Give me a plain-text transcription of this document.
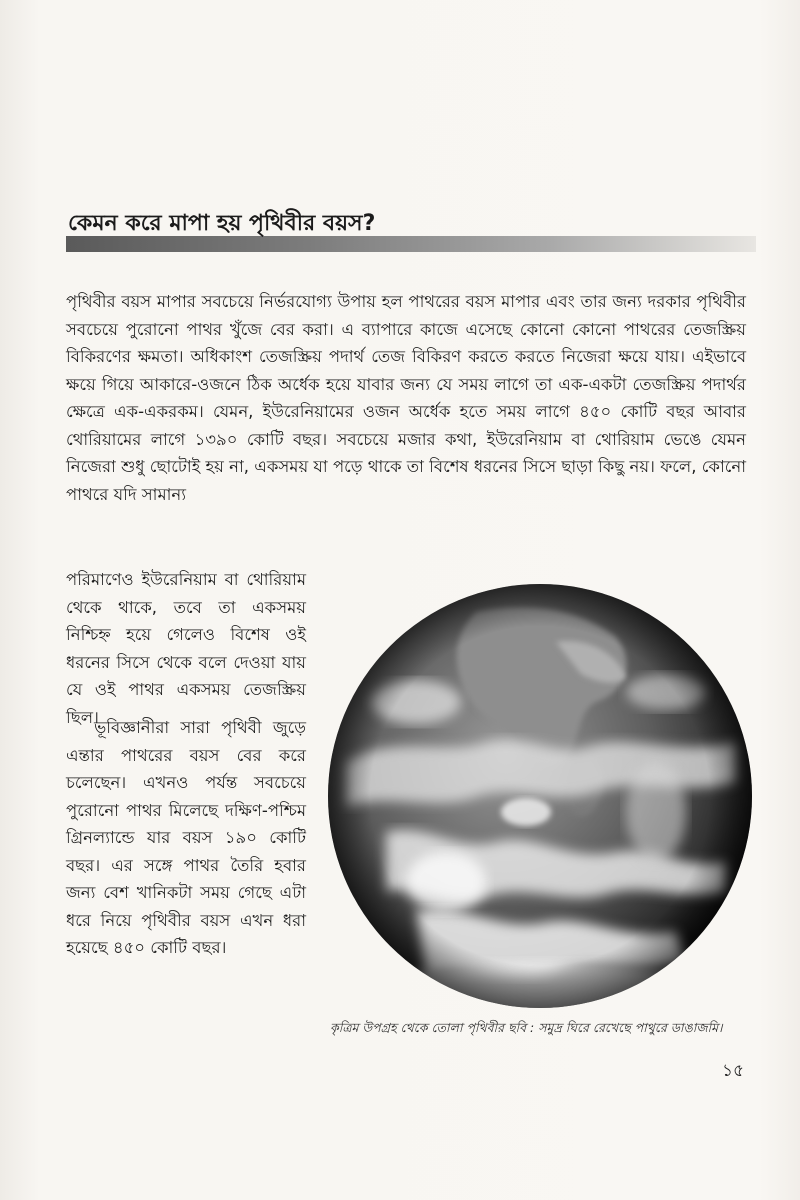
কেমন করে মাপা হয় পৃথিবীর বয়স?

পৃথিবীর বয়স মাপার সবচেয়ে নির্ভরযোগ্য উপায় হল পাথরের বয়স মাপার এবং তার জন্য দরকার পৃথিবীর সবচেয়ে পুরোনো পাথর খুঁজে বের করা। এ ব্যাপারে কাজে এসেছে কোনো কোনো পাথরের তেজস্ক্রিয় বিকিরণের ক্ষমতা। অধিকাংশ তেজস্ক্রিয় পদার্থ তেজ বিকিরণ করতে করতে নিজেরা ক্ষয়ে যায়। এইভাবে ক্ষয়ে গিয়ে আকারে-ওজনে ঠিক অর্ধেক হয়ে যাবার জন্য যে সময় লাগে তা এক-একটা তেজস্ক্রিয় পদার্থর ক্ষেত্রে এক-একরকম। যেমন, ইউরেনিয়ামের ওজন অর্ধেক হতে সময় লাগে ৪৫০ কোটি বছর আবার থোরিয়ামের লাগে ১৩৯০ কোটি বছর। সবচেয়ে মজার কথা, ইউরেনিয়াম বা থোরিয়াম ভেঙে যেমন নিজেরা শুধু ছোটোই হয় না, একসময় যা পড়ে থাকে তা বিশেষ ধরনের সিসে ছাড়া কিছু নয়। ফলে, কোনো পাথরে যদি সামান্য

পরিমাণেও ইউরেনিয়াম বা থোরিয়াম থেকে থাকে, তবে তা একসময় নিশ্চিহ্ন হয়ে গেলেও বিশেষ ওই ধরনের সিসে থেকে বলে দেওয়া যায় যে ওই পাথর একসময় তেজস্ক্রিয় ছিল।

ভূবিজ্ঞানীরা সারা পৃথিবী জুড়ে এন্তার পাথরের বয়স বের করে চলেছেন। এখনও পর্যন্ত সবচেয়ে পুরোনো পাথর মিলেছে দক্ষিণ-পশ্চিম গ্রিনল্যান্ডে যার বয়স ১৯০ কোটি বছর। এর সঙ্গে পাথর তৈরি হবার জন্য বেশ খানিকটা সময় গেছে এটা ধরে নিয়ে পৃথিবীর বয়স এখন ধরা হয়েছে ৪৫০ কোটি বছর।

কৃত্রিম উপগ্রহ থেকে তোলা পৃথিবীর ছবি : সমুদ্র ঘিরে রেখেছে পাথুরে ডাঙাজমি।

১৫
